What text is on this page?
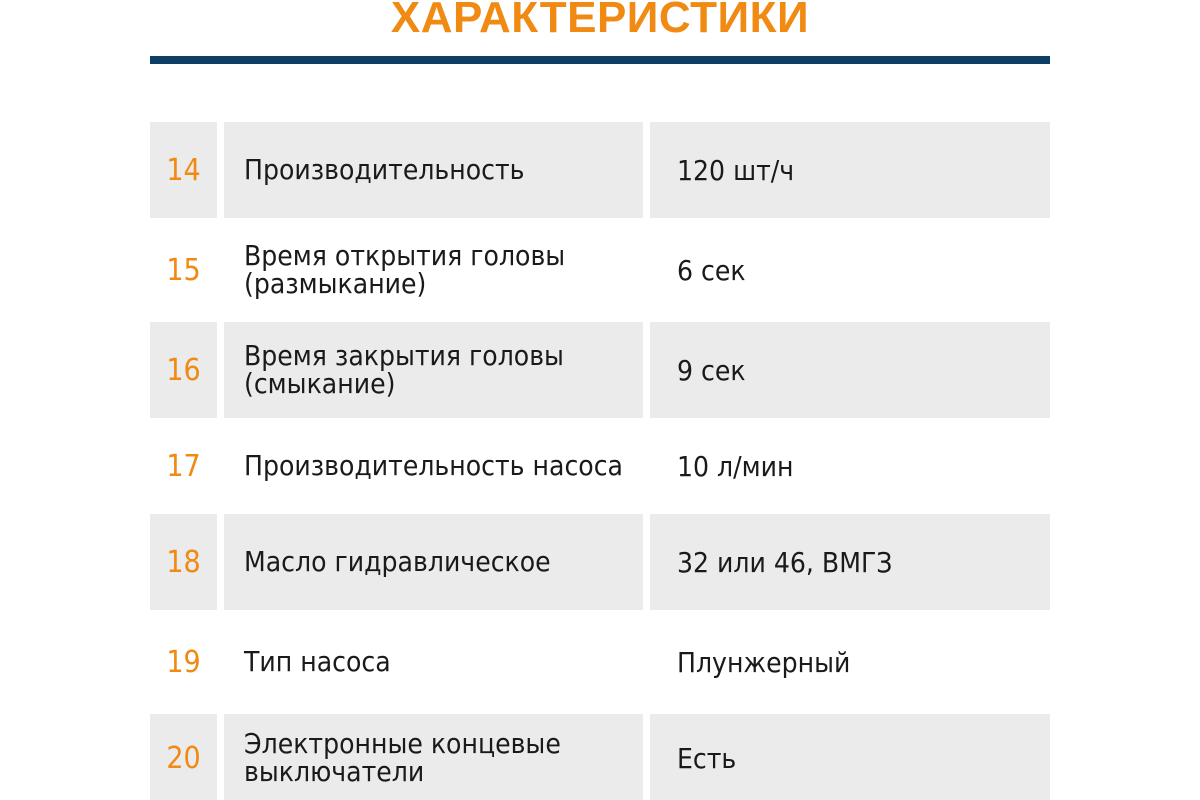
ХАРАКТЕРИСТИКИ
14	Производительность	120 шт/ч
15	Время открытия головы (размыкание)	6 сек
16	Время закрытия головы (смыкание)	9 сек
17	Производительность насоса	10 л/мин
18	Масло гидравлическое	32 или 46, ВМГЗ
19	Тип насоса	Плунжерный
20	Электронные концевые выключатели	Есть
